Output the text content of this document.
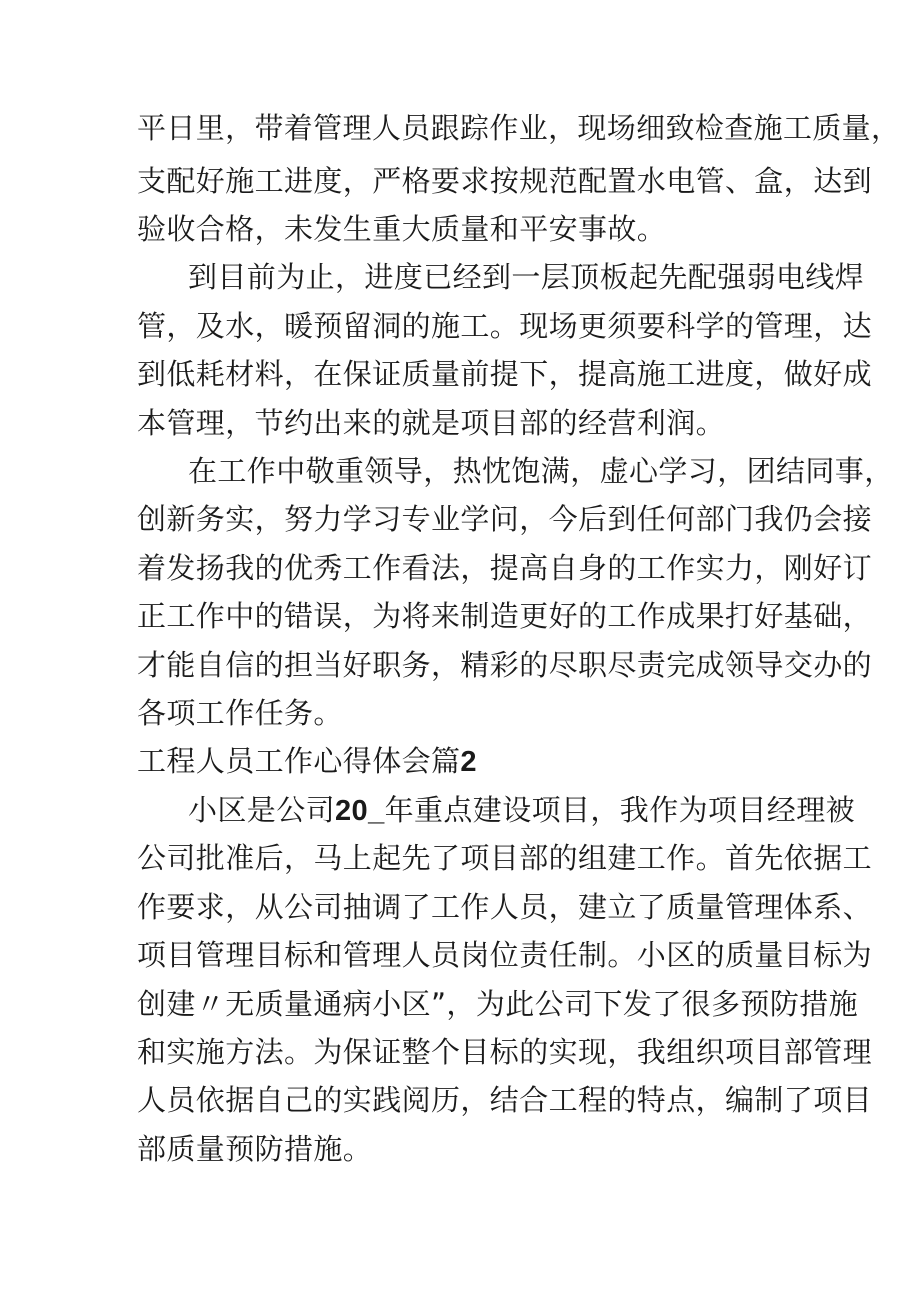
平日里，带着管理人员跟踪作业，现场细致检查施工质量，
支配好施工进度，严格要求按规范配置水电管、盒，达到
验收合格，未发生重大质量和平安事故。
到目前为止，进度已经到一层顶板起先配强弱电线焊
管，及水，暖预留洞的施工。现场更须要科学的管理，达
到低耗材料，在保证质量前提下，提高施工进度，做好成
本管理，节约出来的就是项目部的经营利润。
在工作中敬重领导，热忱饱满，虚心学习，团结同事，
创新务实，努力学习专业学问，今后到任何部门我仍会接
着发扬我的优秀工作看法，提高自身的工作实力，刚好订
正工作中的错误，为将来制造更好的工作成果打好基础，
才能自信的担当好职务，精彩的尽职尽责完成领导交办的
各项工作任务。
工程人员工作心得体会篇2
小区是公司20_年重点建设项目，我作为项目经理被
公司批准后，马上起先了项目部的组建工作。首先依据工
作要求，从公司抽调了工作人员，建立了质量管理体系、
项目管理目标和管理人员岗位责任制。小区的质量目标为
创建〃无质量通病小区”，为此公司下发了很多预防措施
和实施方法。为保证整个目标的实现，我组织项目部管理
人员依据自己的实践阅历，结合工程的特点，编制了项目
部质量预防措施。
